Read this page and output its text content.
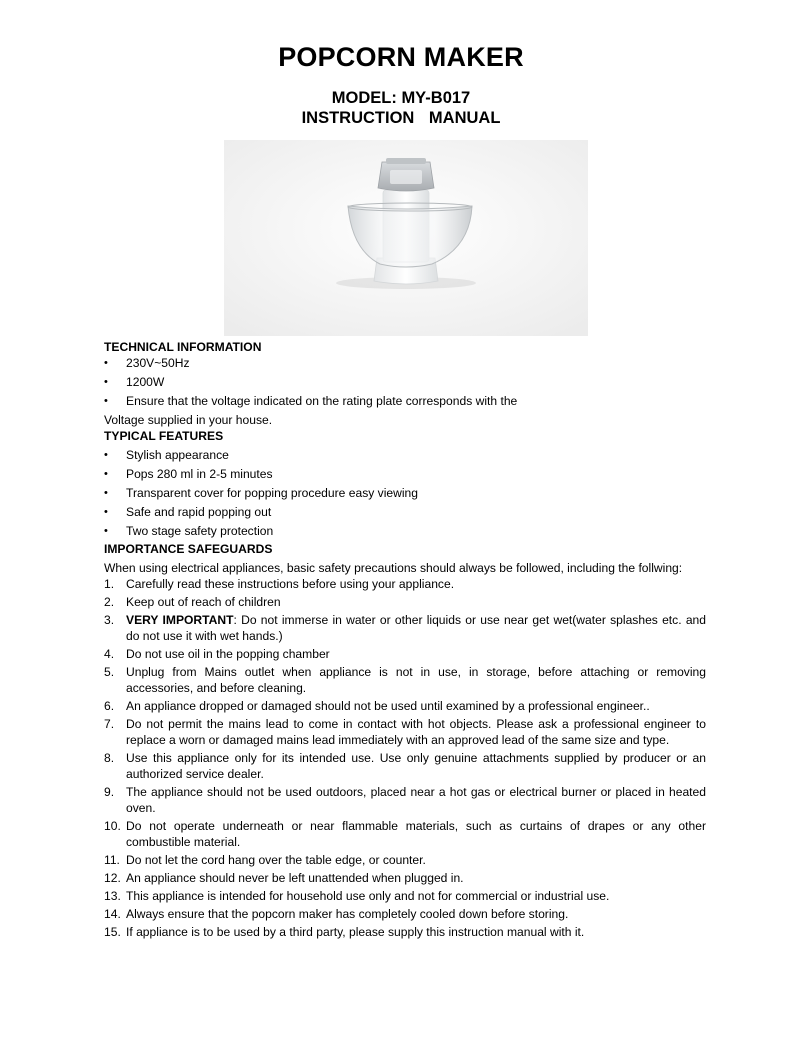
POPCORN MAKER
MODEL: MY-B017
INSTRUCTION MANUAL

TECHNICAL INFORMATION

• 230V~50Hz

• 1200W

• Ensure that the voltage indicated on the rating plate corresponds with the

Voltage supplied in your house.

TYPICAL FEATURES

• Stylish appearance

• Pops 280 ml in 2-5 minutes

• Transparent cover for popping procedure easy viewing

• Safe and rapid popping out

• Two stage safety protection

IMPORTANCE SAFEGUARDS

When using electrical appliances, basic safety precautions should always be followed, including the follwing:

1. Carefully read these instructions before using your appliance.

2. Keep out of reach of children

3. VERY IMPORTANT: Do not immerse in water or other liquids or use near get wet(water splashes etc. and do not use it with wet hands.)

4. Do not use oil in the popping chamber

5. Unplug from Mains outlet when appliance is not in use, in storage, before attaching or removing accessories, and before cleaning.

6. An appliance dropped or damaged should not be used until examined by a professional engineer..

7. Do not permit the mains lead to come in contact with hot objects. Please ask a professional engineer to replace a worn or damaged mains lead immediately with an approved lead of the same size and type.

8. Use this appliance only for its intended use. Use only genuine attachments supplied by producer or an authorized service dealer.

9. The appliance should not be used outdoors, placed near a hot gas or electrical burner or placed in heated oven.

10. Do not operate underneath or near flammable materials, such as curtains of drapes or any other combustible material.

11. Do not let the cord hang over the table edge, or counter.

12. An appliance should never be left unattended when plugged in.

13. This appliance is intended for household use only and not for commercial or industrial use.

14. Always ensure that the popcorn maker has completely cooled down before storing.

15. If appliance is to be used by a third party, please supply this instruction manual with it.
